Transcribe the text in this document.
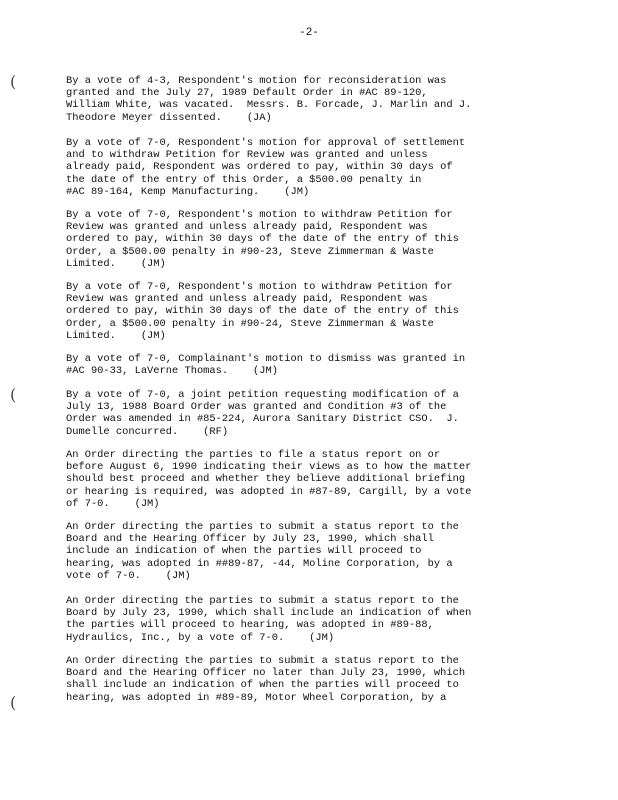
-2-
(
(
(

By a vote of 4-3, Respondent's motion for reconsideration was
granted and the July 27, 1989 Default Order in #AC 89-120,
William White, was vacated.  Messrs. B. Forcade, J. Marlin and J.
Theodore Meyer dissented.    (JA)

By a vote of 7-0, Respondent's motion for approval of settlement
and to withdraw Petition for Review was granted and unless
already paid, Respondent was ordered to pay, within 30 days of
the date of the entry of this Order, a $500.00 penalty in
#AC 89-164, Kemp Manufacturing.    (JM)

By a vote of 7-0, Respondent's motion to withdraw Petition for
Review was granted and unless already paid, Respondent was
ordered to pay, within 30 days of the date of the entry of this
Order, a $500.00 penalty in #90-23, Steve Zimmerman & Waste
Limited.    (JM)

By a vote of 7-0, Respondent's motion to withdraw Petition for
Review was granted and unless already paid, Respondent was
ordered to pay, within 30 days of the date of the entry of this
Order, a $500.00 penalty in #90-24, Steve Zimmerman & Waste
Limited.    (JM)

By a vote of 7-0, Complainant's motion to dismiss was granted in
#AC 90-33, LaVerne Thomas.    (JM)

By a vote of 7-0, a joint petition requesting modification of a
July 13, 1988 Board Order was granted and Condition #3 of the
Order was amended in #85-224, Aurora Sanitary District CSO.  J.
Dumelle concurred.    (RF)

An Order directing the parties to file a status report on or
before August 6, 1990 indicating their views as to how the matter
should best proceed and whether they believe additional briefing
or hearing is required, was adopted in #87-89, Cargill, by a vote
of 7-0.    (JM)

An Order directing the parties to submit a status report to the
Board and the Hearing Officer by July 23, 1990, which shall
include an indication of when the parties will proceed to
hearing, was adopted in ##89-87, -44, Moline Corporation, by a
vote of 7-0.    (JM)

An Order directing the parties to submit a status report to the
Board by July 23, 1990, which shall include an indication of when
the parties will proceed to hearing, was adopted in #89-88,
Hydraulics, Inc., by a vote of 7-0.    (JM)

An Order directing the parties to submit a status report to the
Board and the Hearing Officer no later than July 23, 1990, which
shall include an indication of when the parties will proceed to
hearing, was adopted in #89-89, Motor Wheel Corporation, by a
